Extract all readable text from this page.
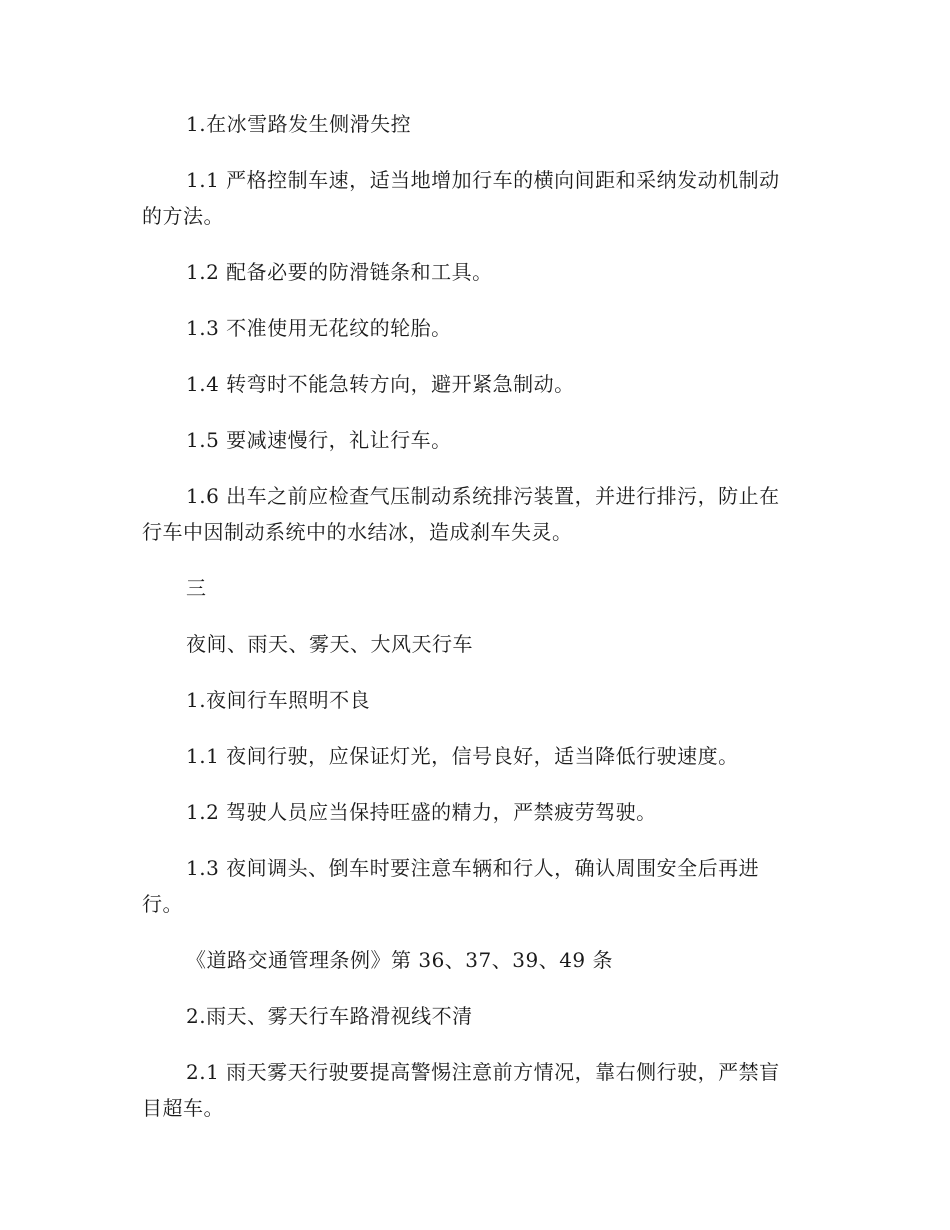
1.在冰雪路发生侧滑失控

1.1 严格控制车速，适当地增加行车的横向间距和采纳发动机制动的方法。

1.2 配备必要的防滑链条和工具。

1.3 不准使用无花纹的轮胎。

1.4 转弯时不能急转方向，避开紧急制动。

1.5 要减速慢行，礼让行车。

1.6 出车之前应检查气压制动系统排污装置，并进行排污，防止在行车中因制动系统中的水结冰，造成刹车失灵。

三

夜间、雨天、雾天、大风天行车

1.夜间行车照明不良

1.1 夜间行驶，应保证灯光，信号良好，适当降低行驶速度。

1.2 驾驶人员应当保持旺盛的精力，严禁疲劳驾驶。

1.3 夜间调头、倒车时要注意车辆和行人，确认周围安全后再进行。

《道路交通管理条例》第 36、37、39、49 条

2.雨天、雾天行车路滑视线不清

2.1 雨天雾天行驶要提高警惕注意前方情况，靠右侧行驶，严禁盲目超车。
